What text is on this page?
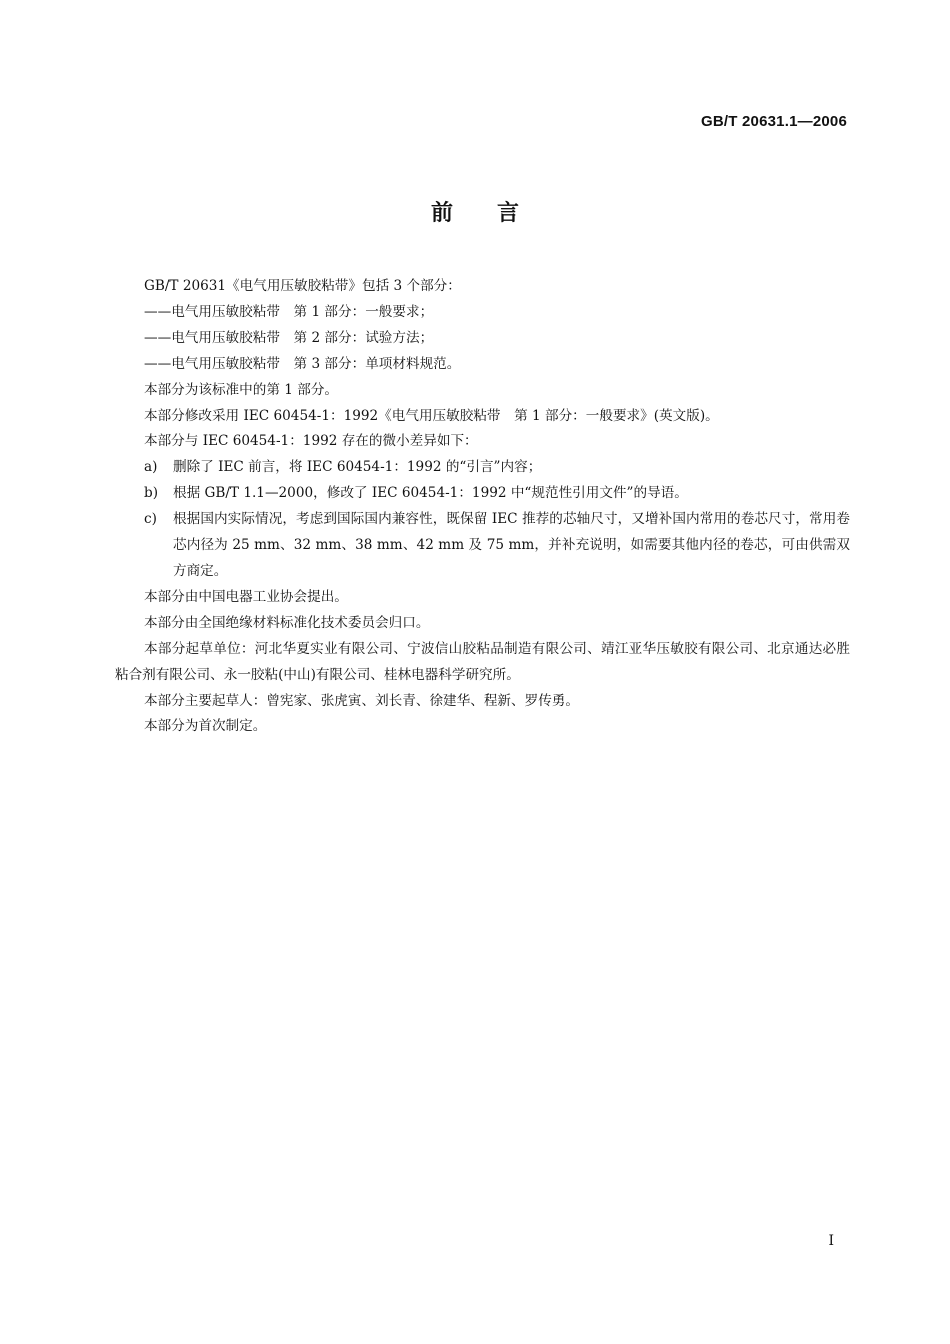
GB/T 20631.1—2006
前言
GB/T 20631《电气用压敏胶粘带》包括 3 个部分：
——电气用压敏胶粘带　第 1 部分：一般要求；
——电气用压敏胶粘带　第 2 部分：试验方法；
——电气用压敏胶粘带　第 3 部分：单项材料规范。
本部分为该标准中的第 1 部分。
本部分修改采用 IEC 60454-1：1992《电气用压敏胶粘带　第 1 部分：一般要求》(英文版)。
本部分与 IEC 60454-1：1992 存在的微小差异如下：
a)	删除了 IEC 前言，将 IEC 60454-1：1992 的“引言”内容；
b)	根据 GB/T 1.1—2000，修改了 IEC 60454-1：1992 中“规范性引用文件”的导语。
c)	根据国内实际情况，考虑到国际国内兼容性，既保留 IEC 推荐的芯轴尺寸，又增补国内常用的卷芯尺寸，常用卷芯内径为 25 mm、32 mm、38 mm、42 mm 及 75 mm，并补充说明，如需要其他内径的卷芯，可由供需双方商定。
本部分由中国电器工业协会提出。
本部分由全国绝缘材料标准化技术委员会归口。
本部分起草单位：河北华夏实业有限公司、宁波信山胶粘品制造有限公司、靖江亚华压敏胶有限公司、北京通达必胜粘合剂有限公司、永一胶粘(中山)有限公司、桂林电器科学研究所。
本部分主要起草人：曾宪家、张虎寅、刘长青、徐建华、程新、罗传勇。
本部分为首次制定。
I
